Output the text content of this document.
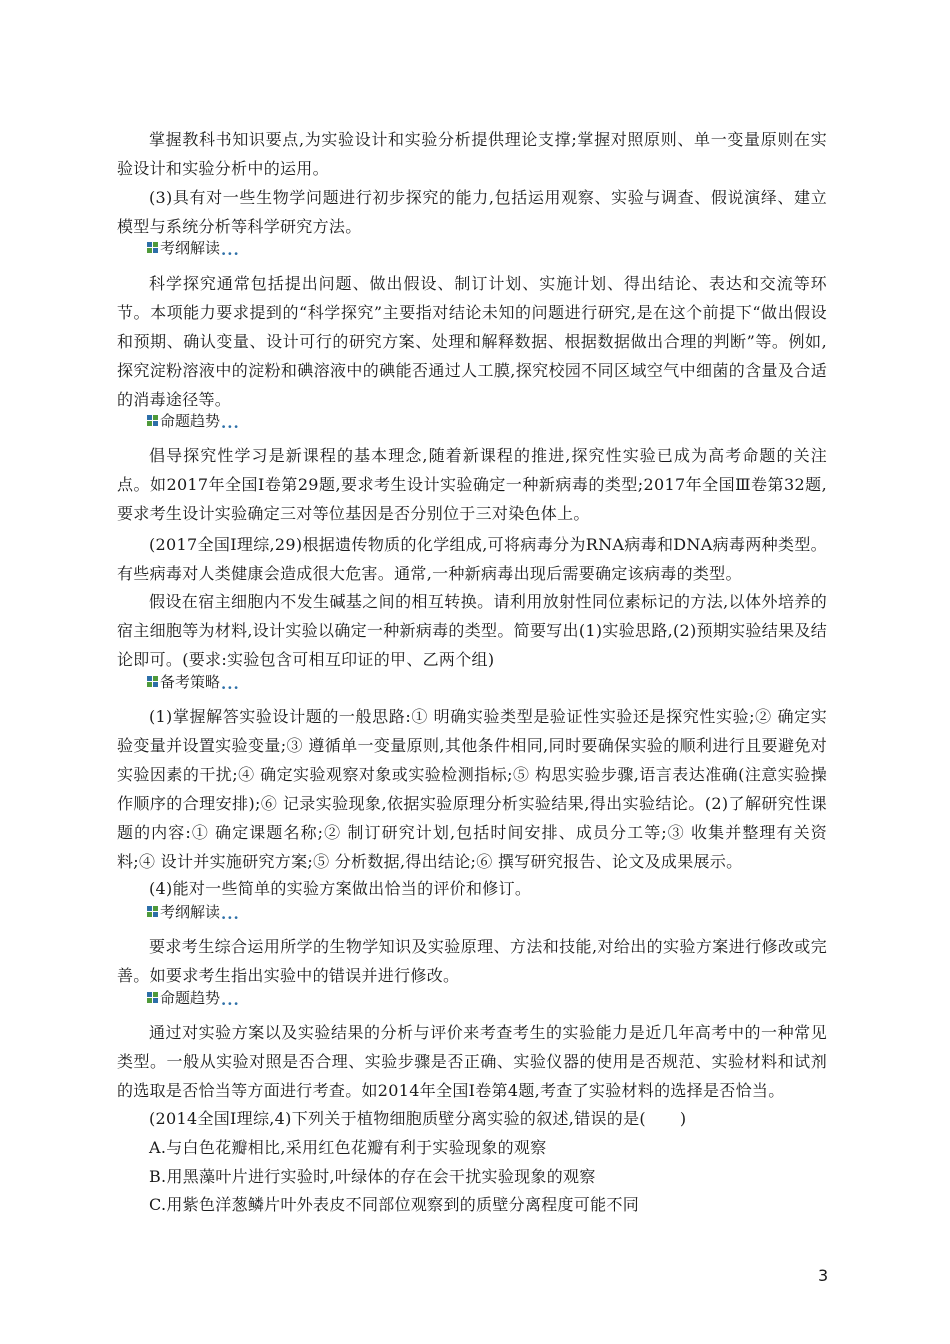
掌握教科书知识要点,为实验设计和实验分析提供理论支撑;掌握对照原则、单一变量原则在实验设计和实验分析中的运用。
(3)具有对一些生物学问题进行初步探究的能力,包括运用观察、实验与调查、假说演绎、建立模型与系统分析等科学研究方法。
考纲解读 ...
科学探究通常包括提出问题、做出假设、制订计划、实施计划、得出结论、表达和交流等环节。本项能力要求提到的“科学探究”主要指对结论未知的问题进行研究,是在这个前提下“做出假设和预期、确认变量、设计可行的研究方案、处理和解释数据、根据数据做出合理的判断”等。例如,探究淀粉溶液中的淀粉和碘溶液中的碘能否通过人工膜,探究校园不同区域空气中细菌的含量及合适的消毒途径等。
命题趋势 ...
倡导探究性学习是新课程的基本理念,随着新课程的推进,探究性实验已成为高考命题的关注点。如2017年全国Ⅰ卷第29题,要求考生设计实验确定一种新病毒的类型;2017年全国Ⅲ卷第32题,要求考生设计实验确定三对等位基因是否分别位于三对染色体上。
(2017全国Ⅰ理综,29)根据遗传物质的化学组成,可将病毒分为RNA病毒和DNA病毒两种类型。有些病毒对人类健康会造成很大危害。通常,一种新病毒出现后需要确定该病毒的类型。
假设在宿主细胞内不发生碱基之间的相互转换。请利用放射性同位素标记的方法,以体外培养的宿主细胞等为材料,设计实验以确定一种新病毒的类型。简要写出(1)实验思路,(2)预期实验结果及结论即可。(要求:实验包含可相互印证的甲、乙两个组)
备考策略 ...
(1)掌握解答实验设计题的一般思路:① 明确实验类型是验证性实验还是探究性实验;② 确定实验变量并设置实验变量;③ 遵循单一变量原则,其他条件相同,同时要确保实验的顺利进行且要避免对实验因素的干扰;④ 确定实验观察对象或实验检测指标;⑤ 构思实验步骤,语言表达准确(注意实验操作顺序的合理安排);⑥ 记录实验现象,依据实验原理分析实验结果,得出实验结论。(2)了解研究性课题的内容:① 确定课题名称;② 制订研究计划,包括时间安排、成员分工等;③ 收集并整理有关资料;④ 设计并实施研究方案;⑤ 分析数据,得出结论;⑥ 撰写研究报告、论文及成果展示。
(4)能对一些简单的实验方案做出恰当的评价和修订。
考纲解读 ...
要求考生综合运用所学的生物学知识及实验原理、方法和技能,对给出的实验方案进行修改或完善。如要求考生指出实验中的错误并进行修改。
命题趋势 ...
通过对实验方案以及实验结果的分析与评价来考查考生的实验能力是近几年高考中的一种常见类型。一般从实验对照是否合理、实验步骤是否正确、实验仪器的使用是否规范、实验材料和试剂的选取是否恰当等方面进行考查。如2014年全国Ⅰ卷第4题,考查了实验材料的选择是否恰当。
(2014全国Ⅰ理综,4)下列关于植物细胞质壁分离实验的叙述,错误的是( )
A.与白色花瓣相比,采用红色花瓣有利于实验现象的观察
B.用黑藻叶片进行实验时,叶绿体的存在会干扰实验现象的观察
C.用紫色洋葱鳞片叶外表皮不同部位观察到的质壁分离程度可能不同
3
